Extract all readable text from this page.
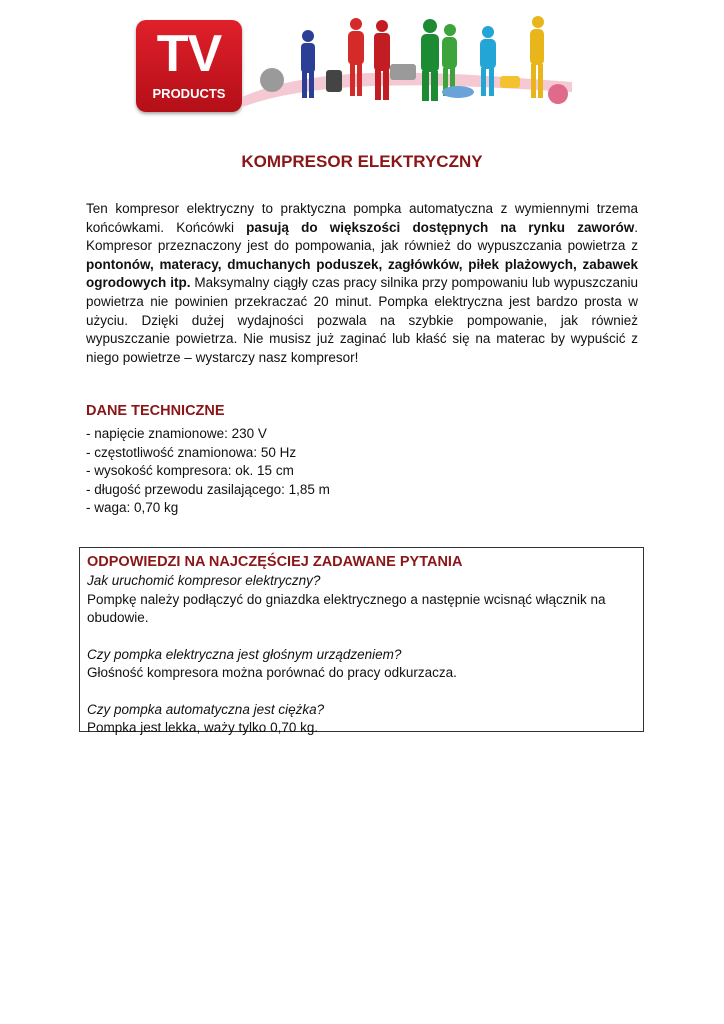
TV
PRODUCTS
KOMPRESOR ELEKTRYCZNY

Ten kompresor elektryczny to praktyczna pompka automatyczna z wymiennymi trzema końcówkami. Końcówki pasują do większości dostępnych na rynku zaworów. Kompresor przeznaczony jest do pompowania, jak również do wypuszczania powietrza z pontonów, materacy, dmuchanych poduszek, zagłówków, piłek plażowych, zabawek ogrodowych itp. Maksymalny ciągły czas pracy silnika przy pompowaniu lub wypuszczaniu powietrza nie powinien przekraczać 20 minut. Pompka elektryczna jest bardzo prosta w użyciu. Dzięki dużej wydajności pozwala na szybkie pompowanie, jak również wypuszczanie powietrza. Nie musisz już zaginać lub kłaść się na materac by wypuścić z niego powietrze – wystarczy nasz kompresor!

DANE TECHNICZNE
- napięcie znamionowe: 230 V
- częstotliwość znamionowa: 50 Hz
- wysokość kompresora: ok. 15 cm
- długość przewodu zasilającego: 1,85 m
- waga: 0,70 kg
ODPOWIEDZI NA NAJCZĘŚCIEJ ZADAWANE PYTANIA
Jak uruchomić kompresor elektryczny?
Pompkę należy podłączyć do gniazdka elektrycznego a następnie wcisnąć włącznik na obudowie.
Czy pompka elektryczna jest głośnym urządzeniem?
Głośność kompresora można porównać do pracy odkurzacza.
Czy pompka automatyczna jest ciężka?
Pompka jest lekka, waży tylko 0,70 kg.
